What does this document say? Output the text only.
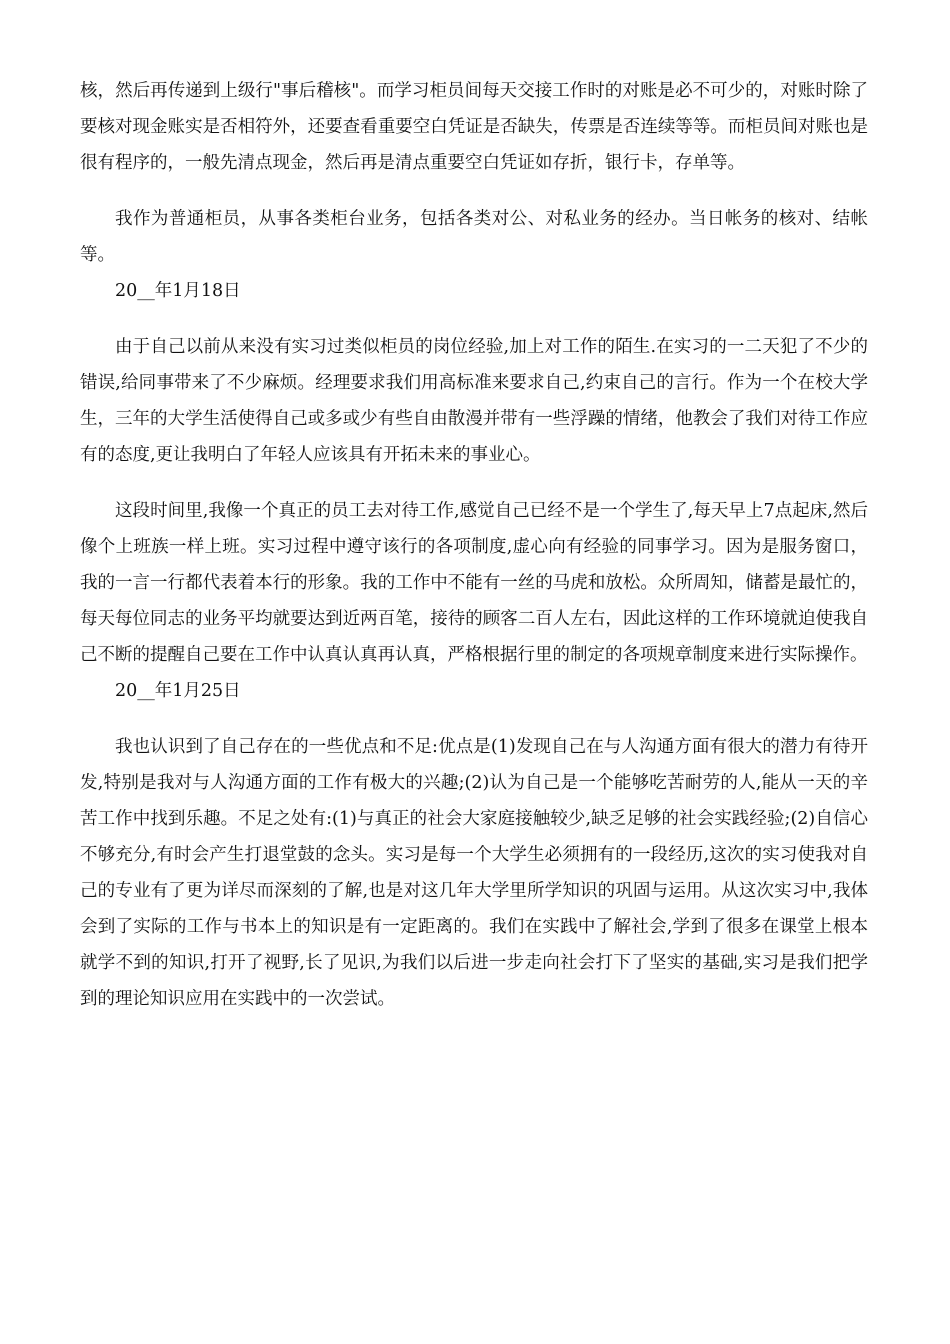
核，然后再传递到上级行"事后稽核"。而学习柜员间每天交接工作时的对账是必不可少的，对账时除了要核对现金账实是否相符外，还要查看重要空白凭证是否缺失，传票是否连续等等。而柜员间对账也是很有程序的，一般先清点现金，然后再是清点重要空白凭证如存折，银行卡，存单等。

我作为普通柜员，从事各类柜台业务，包括各类对公、对私业务的经办。当日帐务的核对、结帐等。

20__年1月18日

由于自己以前从来没有实习过类似柜员的岗位经验,加上对工作的陌生.在实习的一二天犯了不少的错误,给同事带来了不少麻烦。经理要求我们用高标准来要求自己,约束自己的言行。作为一个在校大学生，三年的大学生活使得自己或多或少有些自由散漫并带有一些浮躁的情绪，他教会了我们对待工作应有的态度,更让我明白了年轻人应该具有开拓未来的事业心。

这段时间里,我像一个真正的员工去对待工作,感觉自己已经不是一个学生了,每天早上7点起床,然后像个上班族一样上班。实习过程中遵守该行的各项制度,虚心向有经验的同事学习。因为是服务窗口，我的一言一行都代表着本行的形象。我的工作中不能有一丝的马虎和放松。众所周知，储蓄是最忙的，每天每位同志的业务平均就要达到近两百笔，接待的顾客二百人左右，因此这样的工作环境就迫使我自己不断的提醒自己要在工作中认真认真再认真，严格根据行里的制定的各项规章制度来进行实际操作。

20__年1月25日

我也认识到了自己存在的一些优点和不足:优点是(1)发现自己在与人沟通方面有很大的潜力有待开发,特别是我对与人沟通方面的工作有极大的兴趣;(2)认为自己是一个能够吃苦耐劳的人,能从一天的辛苦工作中找到乐趣。不足之处有:(1)与真正的社会大家庭接触较少,缺乏足够的社会实践经验;(2)自信心不够充分,有时会产生打退堂鼓的念头。实习是每一个大学生必须拥有的一段经历,这次的实习使我对自己的专业有了更为详尽而深刻的了解,也是对这几年大学里所学知识的巩固与运用。从这次实习中,我体会到了实际的工作与书本上的知识是有一定距离的。我们在实践中了解社会,学到了很多在课堂上根本就学不到的知识,打开了视野,长了见识,为我们以后进一步走向社会打下了坚实的基础,实习是我们把学到的理论知识应用在实践中的一次尝试。
